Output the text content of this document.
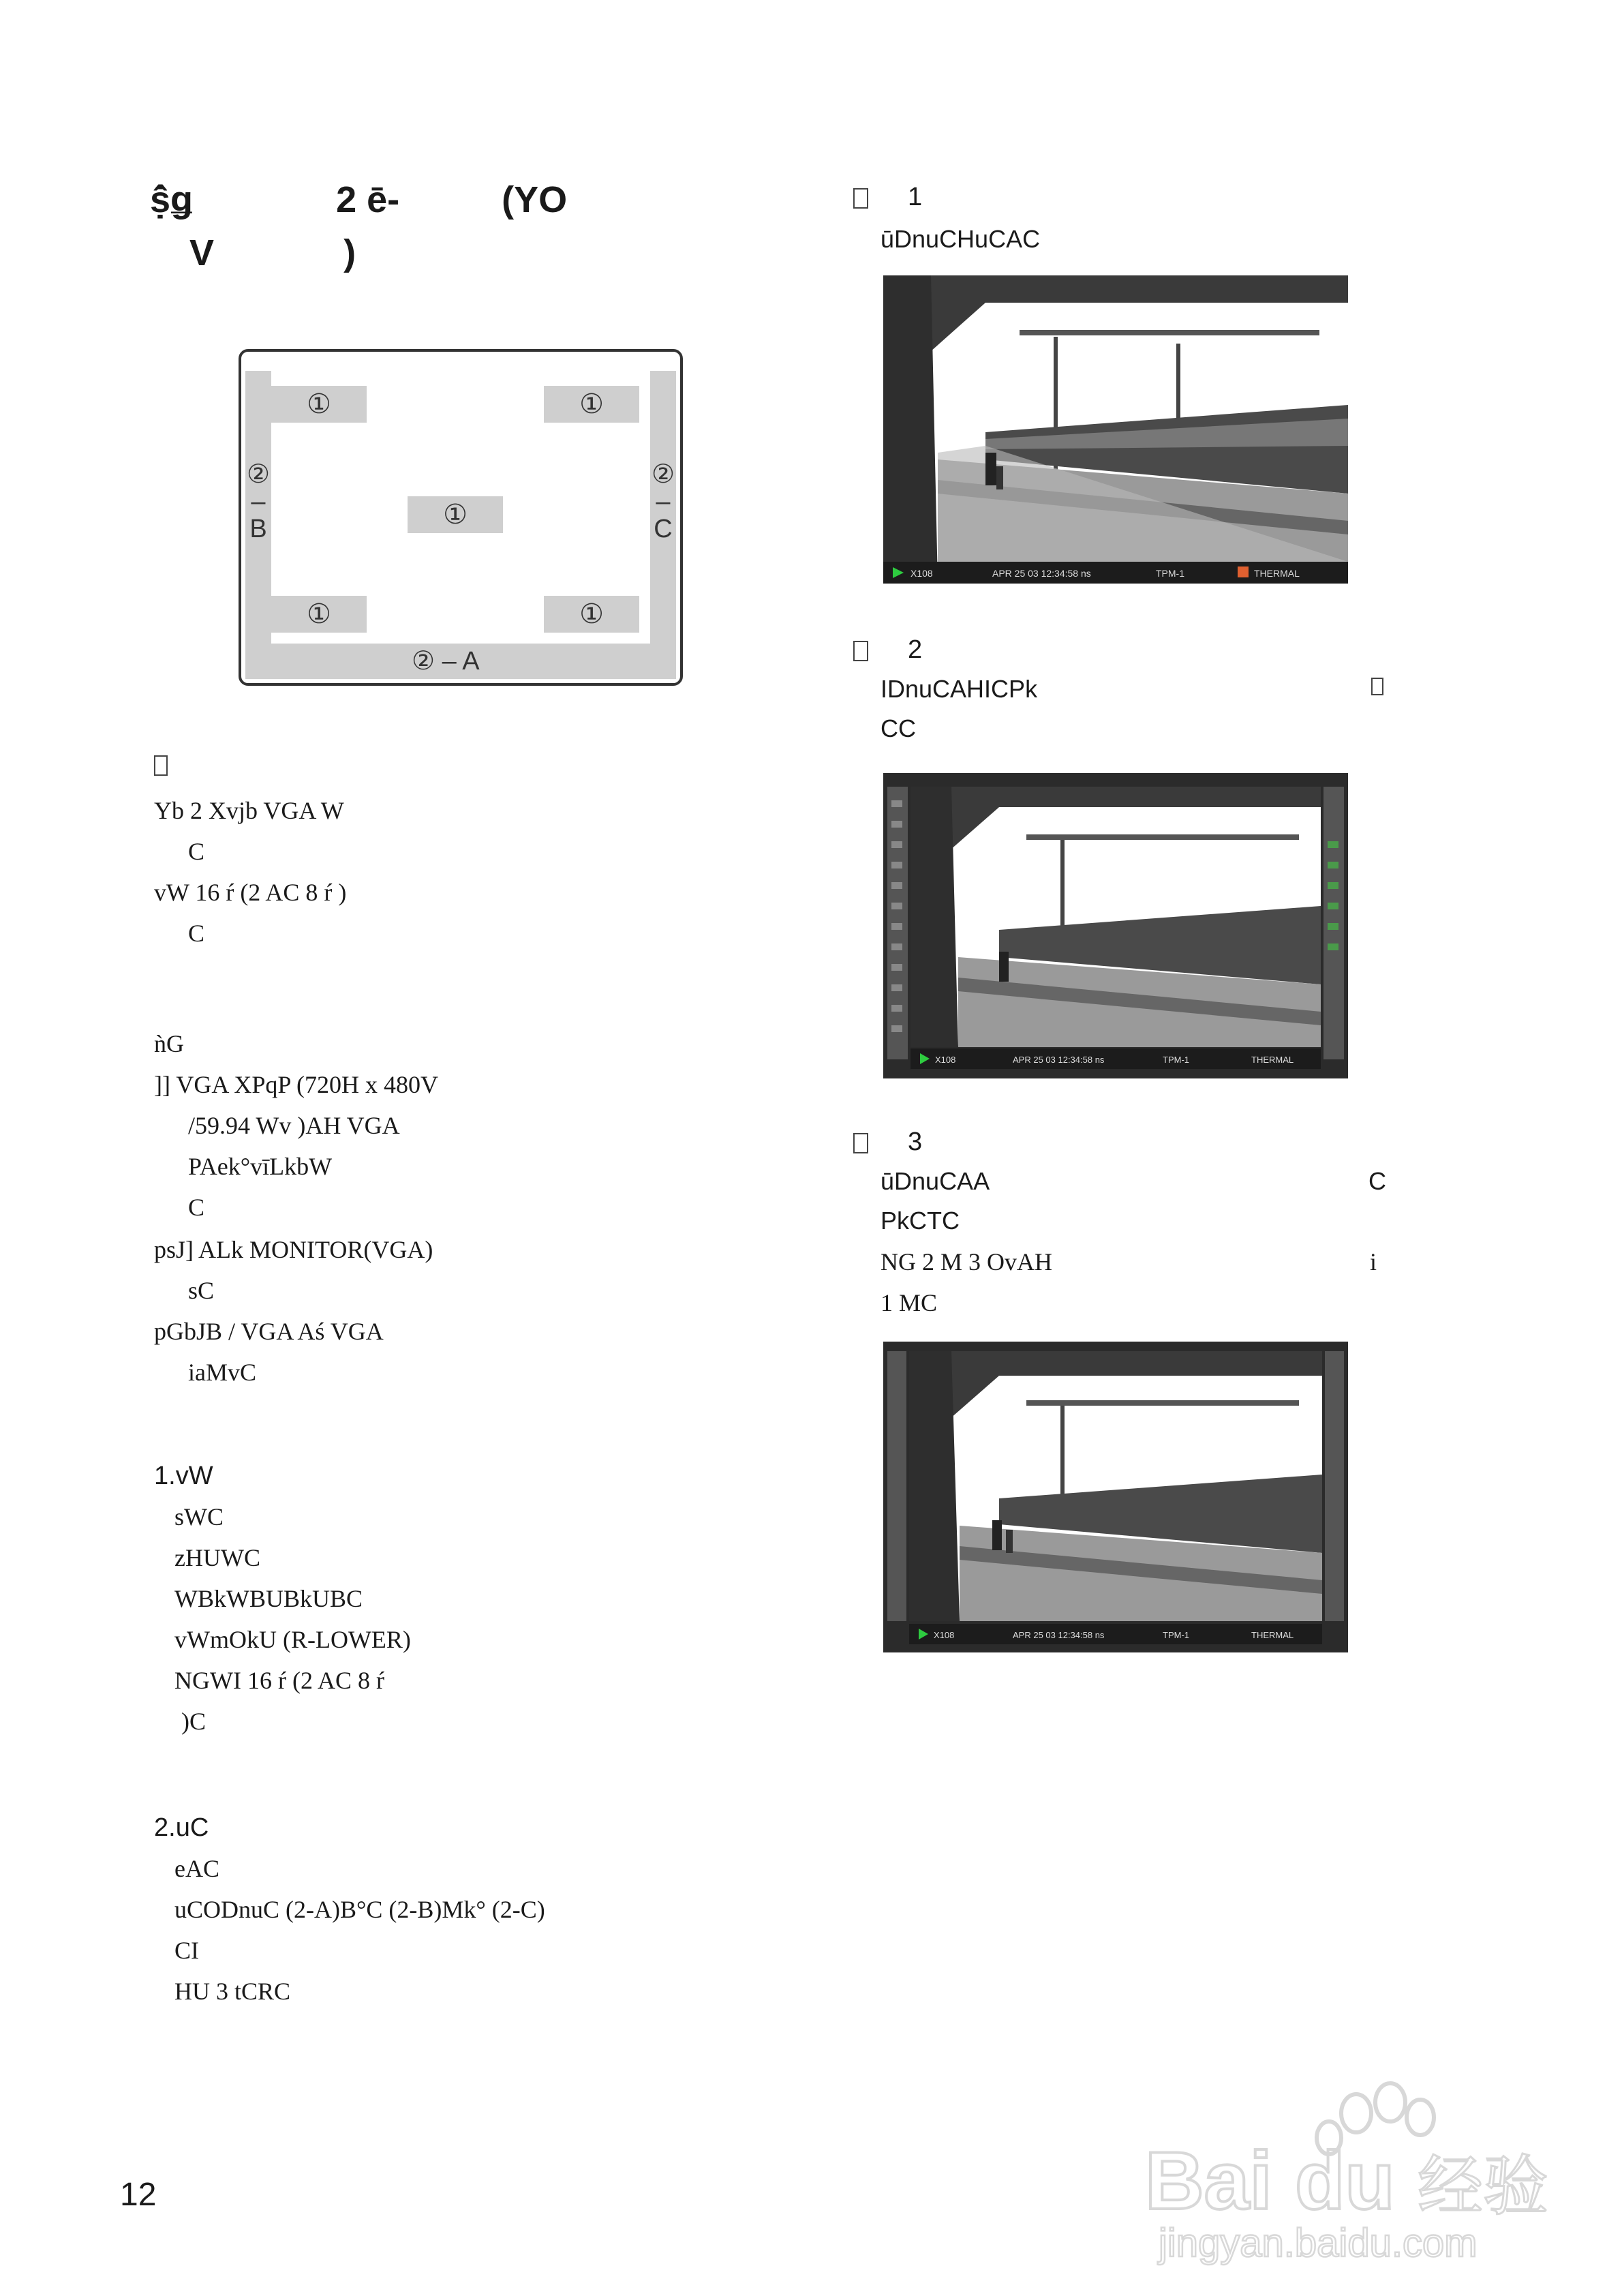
ṩ̂ǥ	2 ē-	(YO
V	)
①	①
①
①	①
②
–
B
②
–
C
② – A
Yb 2 Xvjb VGA W
C
vW 16 ŕ (2 AC 8 ŕ )
C
ǹG
]] VGA XPqP (720H x 480V
/59.94 Wv )AH VGA
PAek°vīLkbW
C
psJ] ALk MONITOR(VGA)
sC
pGbJB / VGA Aś VGA
iaMvC
1.vW
sWC
zHUWC
WBkWBUBkUBC
vWmOkU (R-LOWER)
NGWI 16 ŕ (2 AC 8 ŕ
)C
2.uC
eAC
uCODnuC (2-A)B°C (2-B)Mk° (2-C)
CI
HU 3 tCRC
1
ūDnuCHuCAC
X108	APR 25 03 12:34:58 ns	TPM-1	THERMAL
2
IDnuCAHICPk
CC
X108	APR 25 03 12:34:58 ns	TPM-1	THERMAL
3
ūDnuCAA	C
PkCTC
NG 2 M 3 OvAH	i
1 MC
X108	APR 25 03 12:34:58 ns	TPM-1	THERMAL
12	Bai du 经验
jingyan.baidu.com
